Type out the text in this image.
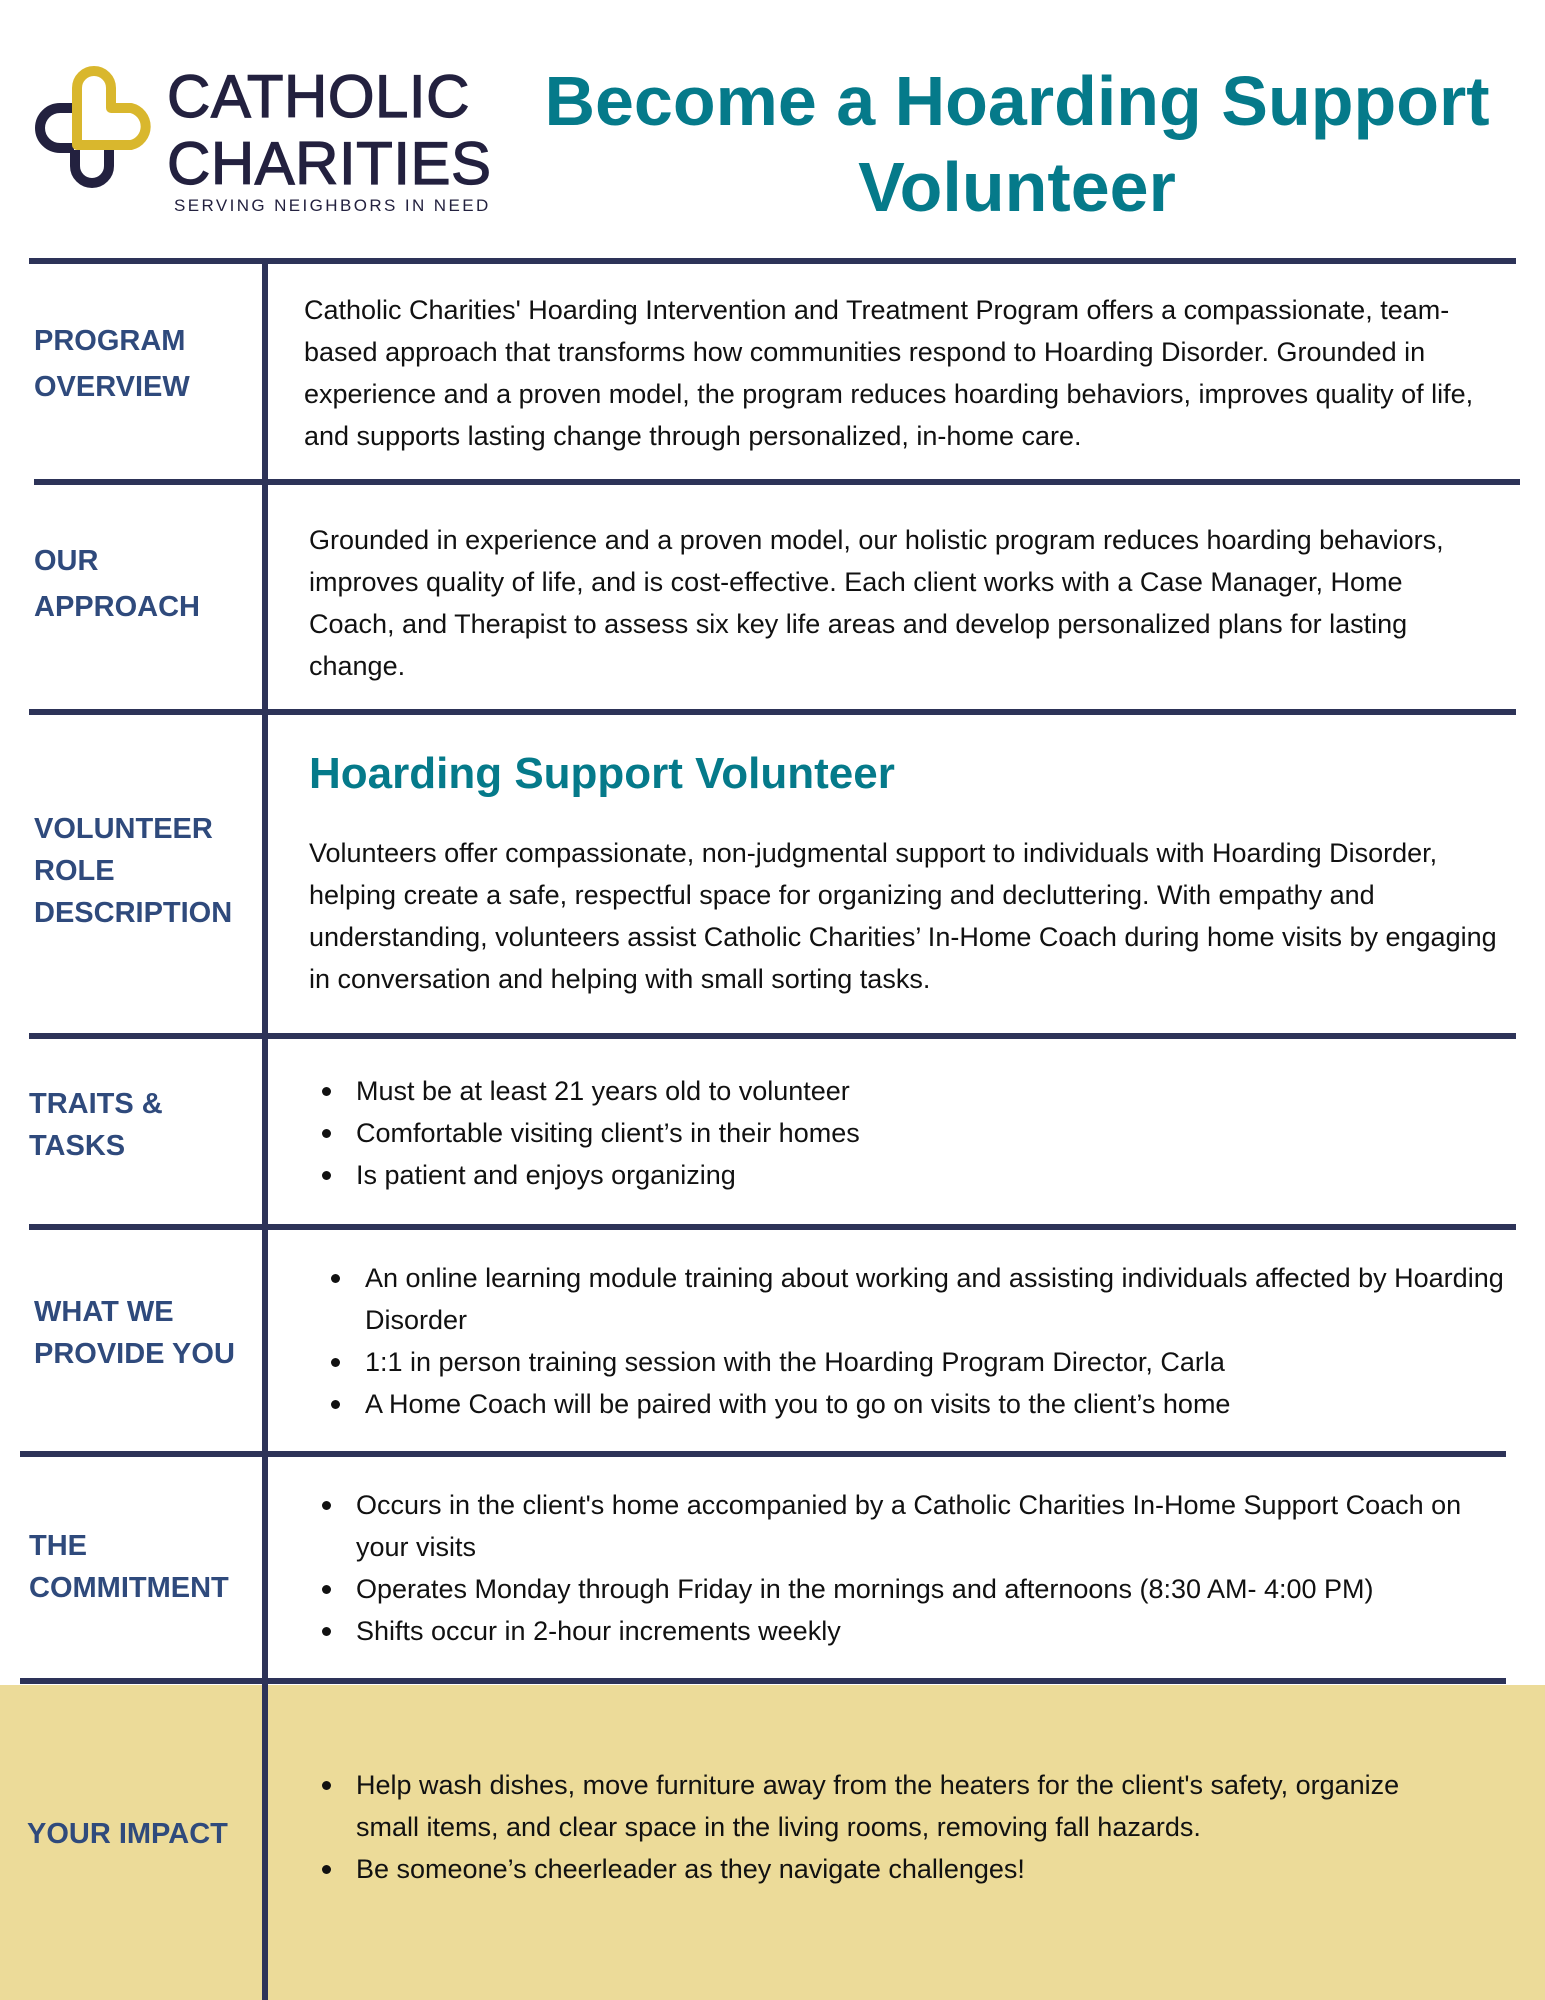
CATHOLIC
CHARITIES
SERVING NEIGHBORS IN NEED
Become a Hoarding Support
Volunteer
PROGRAM
OVERVIEW

Catholic Charities' Hoarding Intervention and Treatment Program offers a compassionate, team-based approach that transforms how communities respond to Hoarding Disorder. Grounded in experience and a proven model, the program reduces hoarding behaviors, improves quality of life, and supports lasting change through personalized, in-home care.

OUR
APPROACH

Grounded in experience and a proven model, our holistic program reduces hoarding behaviors, improves quality of life, and is cost-effective. Each client works with a Case Manager, Home Coach, and Therapist to assess six key life areas and develop personalized plans for lasting change.

VOLUNTEER
ROLE
DESCRIPTION
Hoarding Support Volunteer

Volunteers offer compassionate, non-judgmental support to individuals with Hoarding Disorder, helping create a safe, respectful space for organizing and decluttering. With empathy and understanding, volunteers assist Catholic Charities’ In-Home Coach during home visits by engaging in conversation and helping with small sorting tasks.

TRAITS &
TASKS
Must be at least 21 years old to volunteer
Comfortable visiting client’s in their homes
Is patient and enjoys organizing
WHAT WE
PROVIDE YOU
An online learning module training about working and assisting individuals affected by Hoarding Disorder
1:1 in person training session with the Hoarding Program Director, Carla
A Home Coach will be paired with you to go on visits to the client’s home
THE
COMMITMENT
Occurs in the client's home accompanied by a Catholic Charities In-Home Support Coach on your visits
Operates Monday through Friday in the mornings and afternoons (8:30 AM- 4:00 PM)
Shifts occur in 2-hour increments weekly
YOUR IMPACT
Help wash dishes, move furniture away from the heaters for the client's safety, organize small items, and clear space in the living rooms, removing fall hazards.
Be someone’s cheerleader as they navigate challenges!
